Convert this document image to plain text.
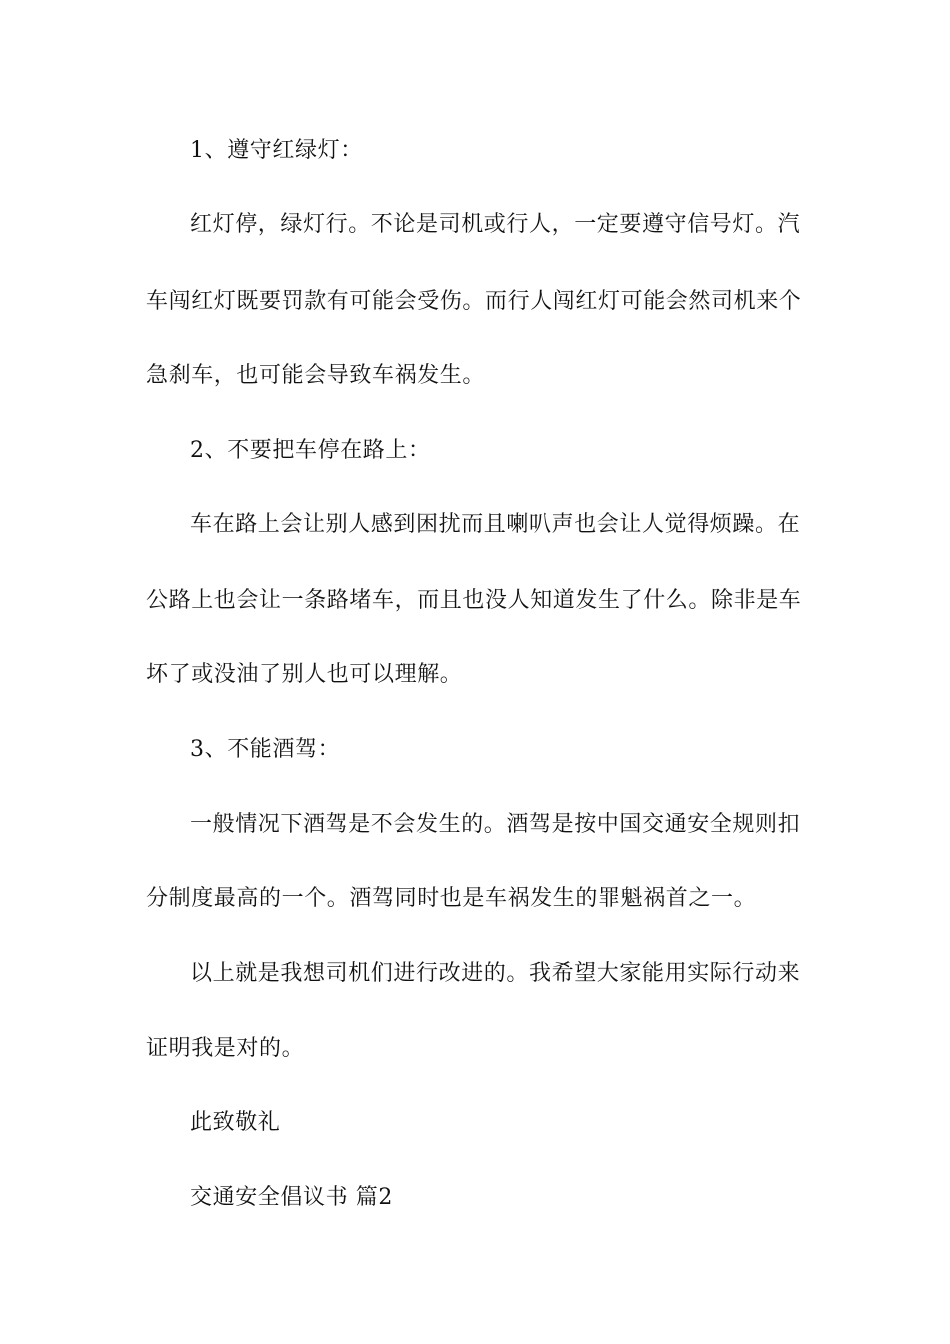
1、遵守红绿灯：
红灯停，绿灯行。不论是司机或行人，一定要遵守信号灯。汽
车闯红灯既要罚款有可能会受伤。而行人闯红灯可能会然司机来个
急刹车，也可能会导致车祸发生。
2、不要把车停在路上：
车在路上会让别人感到困扰而且喇叭声也会让人觉得烦躁。在
公路上也会让一条路堵车，而且也没人知道发生了什么。除非是车
坏了或没油了别人也可以理解。
3、不能酒驾：
一般情况下酒驾是不会发生的。酒驾是按中国交通安全规则扣
分制度最高的一个。酒驾同时也是车祸发生的罪魁祸首之一。
以上就是我想司机们进行改进的。我希望大家能用实际行动来
证明我是对的。
此致敬礼
交通安全倡议书 篇2
